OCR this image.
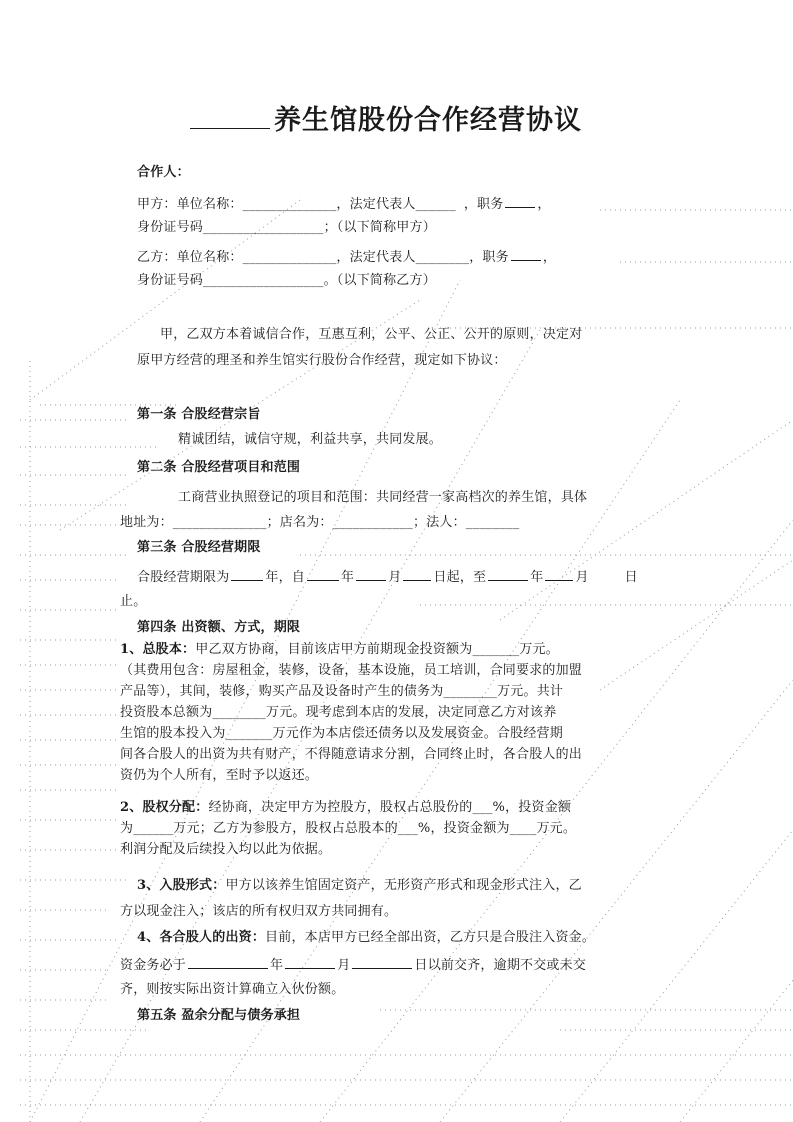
养生馆股份合作经营协议
合作人：
甲方：单位名称：______________，法定代表人______ ，职务	，
身份证号码__________________；（以下简称甲方）
乙方：单位名称：______________，法定代表人________，职务	，
身份证号码__________________。（以下简称乙方）
甲，乙双方本着诚信合作，互惠互利，公平、公正、公开的原则，决定对
原甲方经营的理圣和养生馆实行股份合作经营，现定如下协议：
第一条 合股经营宗旨
精诚团结，诚信守规，利益共享，共同发展。
第二条 合股经营项目和范围
工商营业执照登记的项目和范围：共同经营一家高档次的养生馆，具体
地址为：______________；店名为：____________；法人：________
第三条 合股经营期限
合股经营期限为	年，自	年	月 日起，至	年 月	日
止。
第四条 出资额、方式，期限
1、总股本：甲乙双方协商，目前该店甲方前期现金投资额为_______万元。
（其费用包含：房屋租金，装修，设备，基本设施，员工培训，合同要求的加盟
产品等），其间，装修，购买产品及设备时产生的债务为________万元。共计
投资股本总额为________万元。现考虑到本店的发展，决定同意乙方对该养
生馆的股本投入为_______万元作为本店偿还债务以及发展资金。合股经营期
间各合股人的出资为共有财产，不得随意请求分割，合同终止时，各合股人的出
资仍为个人所有，至时予以返还。
2、股权分配：经协商，决定甲方为控股方，股权占总股份的___%，投资金额
为______万元；乙方为参股方，股权占总股本的___%，投资金额为____万元。
利润分配及后续投入均以此为依据。
3、入股形式：甲方以该养生馆固定资产，无形资产形式和现金形式注入，乙
方以现金注入；该店的所有权归双方共同拥有。
4、各合股人的出资：目前，本店甲方已经全部出资，乙方只是合股注入资金。
资金务必于	年	月	日以前交齐，逾期不交或未交
齐，则按实际出资计算确立入伙份额。
第五条 盈余分配与债务承担
